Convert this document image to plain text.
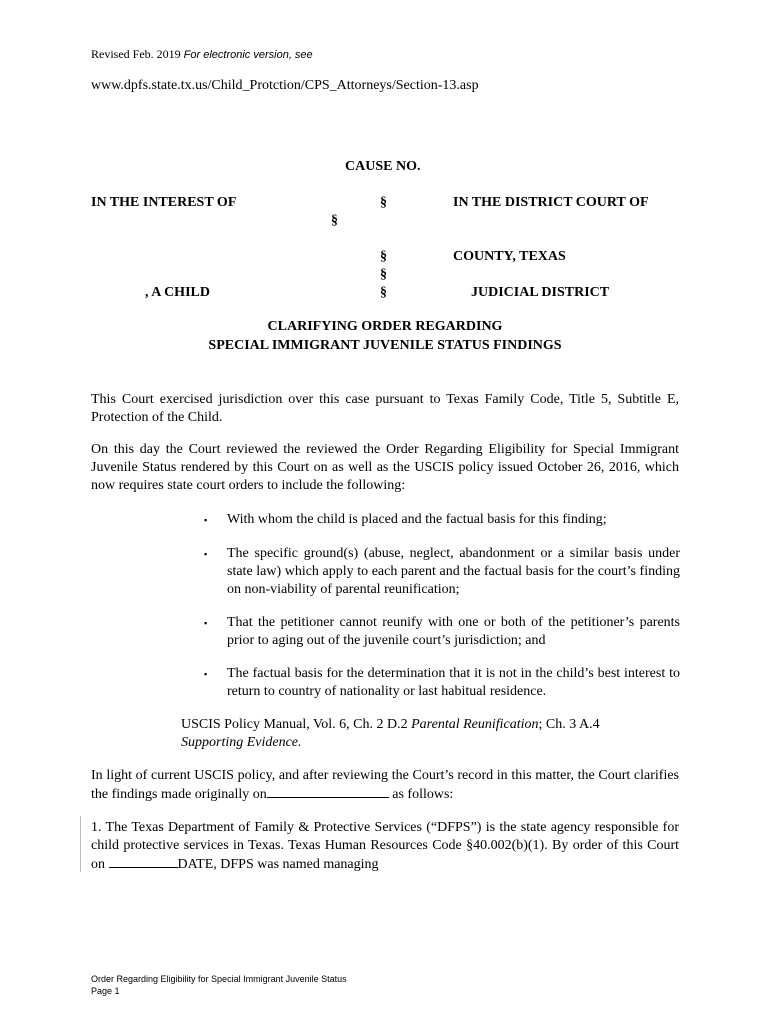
Revised Feb. 2019 For electronic version, see
www.dpfs.state.tx.us/Child_Protction/CPS_Attorneys/Section-13.asp
CAUSE NO.
IN THE INTEREST OF	§	IN THE DISTRICT COURT OF
§
§	COUNTY, TEXAS
§
, A CHILD	§	JUDICIAL DISTRICT
CLARIFYING ORDER REGARDING
SPECIAL IMMIGRANT JUVENILE STATUS FINDINGS
This Court exercised jurisdiction over this case pursuant to Texas Family Code, Title 5, Subtitle E, Protection of the Child.
On this day the Court reviewed the reviewed the Order Regarding Eligibility for Special Immigrant Juvenile Status rendered by this Court on as well as the USCIS policy issued October 26, 2016, which now requires state court orders to include the following:
▪ With whom the child is placed and the factual basis for this finding;
▪ The specific ground(s) (abuse, neglect, abandonment or a similar basis under state law) which apply to each parent and the factual basis for the court’s finding on non-viability of parental reunification;
▪ That the petitioner cannot reunify with one or both of the petitioner’s parents prior to aging out of the juvenile court’s jurisdiction; and
▪ The factual basis for the determination that it is not in the child’s best interest to return to country of nationality or last habitual residence.
USCIS Policy Manual, Vol. 6, Ch. 2 D.2 Parental Reunification; Ch. 3 A.4
Supporting Evidence.
In light of current USCIS policy, and after reviewing the Court’s record in this matter, the Court clarifies the findings made originally on	as follows:
1. The Texas Department of Family & Protective Services (“DFPS”) is the state agency responsible for child protective services in Texas. Texas Human Resources Code §40.002(b)(1). By order of this Court on	DATE, DFPS was named managing
Order Regarding Eligibility for Special Immigrant Juvenile Status
Page 1
